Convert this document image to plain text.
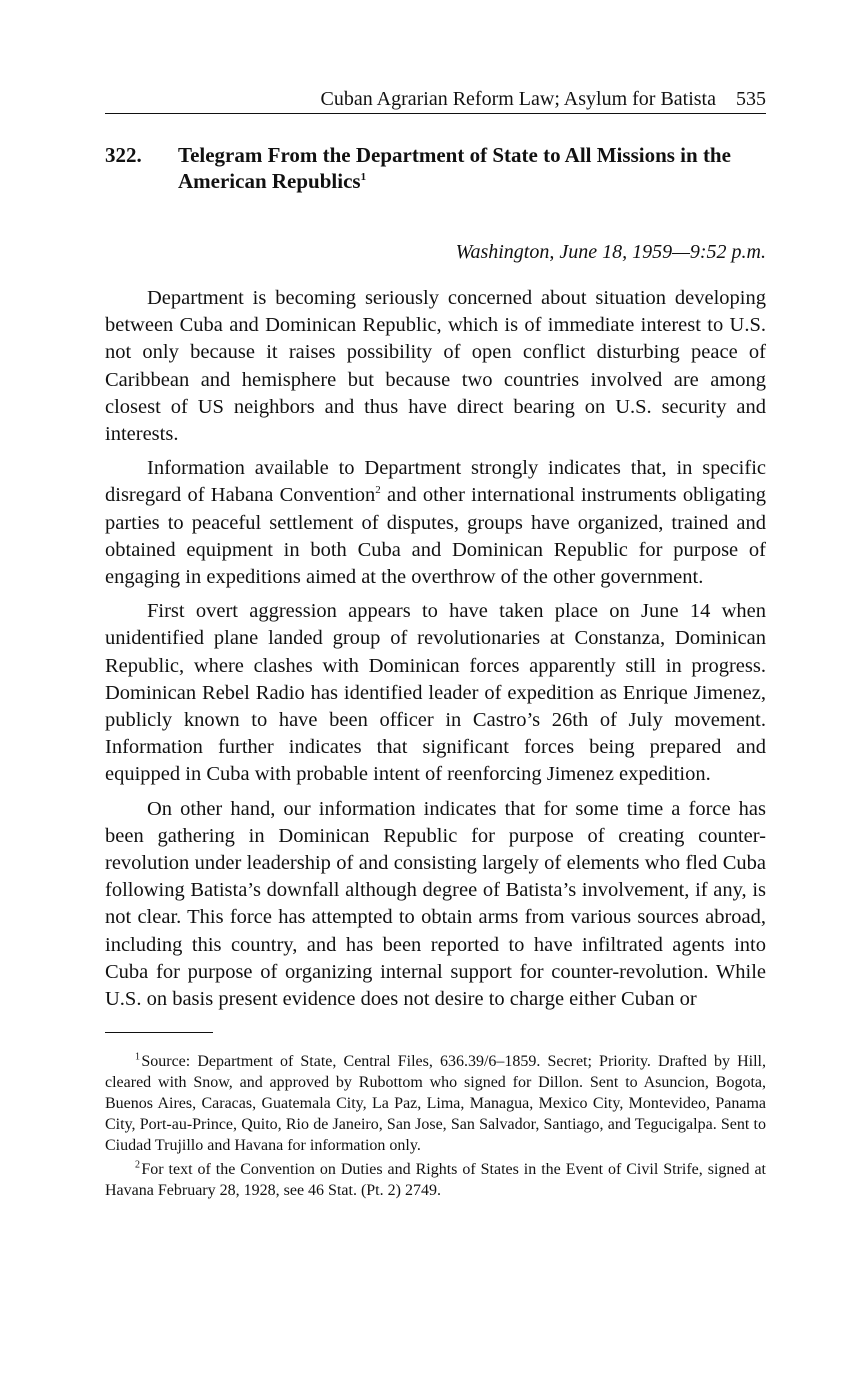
Cuban Agrarian Reform Law; Asylum for Batista 535
322.	Telegram From the Department of State to All Missions in the American Republics$^1$
Washington, June 18, 1959—9:52 p.m.

Department is becoming seriously concerned about situation developing between Cuba and Dominican Republic, which is of immediate interest to U.S. not only because it raises possibility of open conflict disturbing peace of Caribbean and hemisphere but because two countries involved are among closest of US neighbors and thus have direct bearing on U.S. security and interests.

Information available to Department strongly indicates that, in specific disregard of Habana Convention$^2$ and other international instruments obligating parties to peaceful settlement of disputes, groups have organized, trained and obtained equipment in both Cuba and Dominican Republic for purpose of engaging in expeditions aimed at the overthrow of the other government.

First overt aggression appears to have taken place on June 14 when unidentified plane landed group of revolutionaries at Constanza, Dominican Republic, where clashes with Dominican forces apparently still in progress. Dominican Rebel Radio has identified leader of expedition as Enrique Jimenez, publicly known to have been officer in Castro’s 26th of July movement. Information further indicates that significant forces being prepared and equipped in Cuba with probable intent of reenforcing Jimenez expedition.

On other hand, our information indicates that for some time a force has been gathering in Dominican Republic for purpose of creating counter-revolution under leadership of and consisting largely of elements who fled Cuba following Batista’s downfall although degree of Batista’s involvement, if any, is not clear. This force has attempted to obtain arms from various sources abroad, including this country, and has been reported to have infiltrated agents into Cuba for purpose of organizing internal support for counter-revolution. While U.S. on basis present evidence does not desire to charge either Cuban or

$^1$ Source: Department of State, Central Files, 636.39/6–1859. Secret; Priority. Drafted by Hill, cleared with Snow, and approved by Rubottom who signed for Dillon. Sent to Asuncion, Bogota, Buenos Aires, Caracas, Guatemala City, La Paz, Lima, Managua, Mexico City, Montevideo, Panama City, Port-au-Prince, Quito, Rio de Janeiro, San Jose, San Salvador, Santiago, and Tegucigalpa. Sent to Ciudad Trujillo and Havana for information only.

$^2$ For text of the Convention on Duties and Rights of States in the Event of Civil Strife, signed at Havana February 28, 1928, see 46 Stat. (Pt. 2) 2749.
